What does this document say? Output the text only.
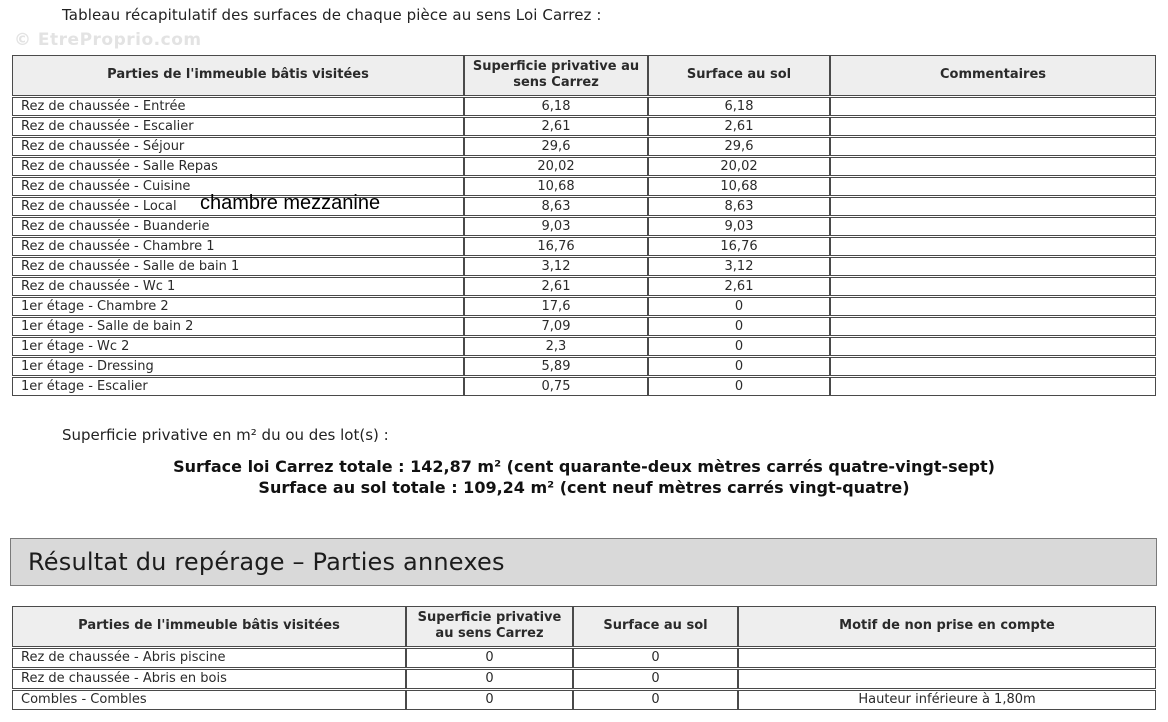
Tableau récapitulatif des surfaces de chaque pièce au sens Loi Carrez :
© EtreProprio.com
Parties de l'immeuble bâtis visitées	Superficie privative au sens Carrez	Surface au sol	Commentaires
Rez de chaussée - Entrée	6,18	6,18	
Rez de chaussée - Escalier	2,61	2,61	
Rez de chaussée - Séjour	29,6	29,6	
Rez de chaussée - Salle Repas	20,02	20,02	
Rez de chaussée - Cuisine	10,68	10,68	
Rez de chaussée - Local	8,63	8,63	
Rez de chaussée - Buanderie	9,03	9,03	
Rez de chaussée - Chambre 1	16,76	16,76	
Rez de chaussée - Salle de bain 1	3,12	3,12	
Rez de chaussée - Wc 1	2,61	2,61	
1er étage - Chambre 2	17,6	0	
1er étage - Salle de bain 2	7,09	0	
1er étage - Wc 2	2,3	0	
1er étage - Dressing	5,89	0	
1er étage - Escalier	0,75	0	
chambre mezzanine
Superficie privative en m² du ou des lot(s) :
Surface loi Carrez totale : 142,87 m² (cent quarante-deux mètres carrés quatre-vingt-sept)
Surface au sol totale : 109,24 m² (cent neuf mètres carrés vingt-quatre)
Résultat du repérage – Parties annexes
Parties de l'immeuble bâtis visitées	Superficie privative au sens Carrez	Surface au sol	Motif de non prise en compte
Rez de chaussée - Abris piscine	0	0	
Rez de chaussée - Abris en bois	0	0	
Combles - Combles	0	0	Hauteur inférieure à 1,80m
